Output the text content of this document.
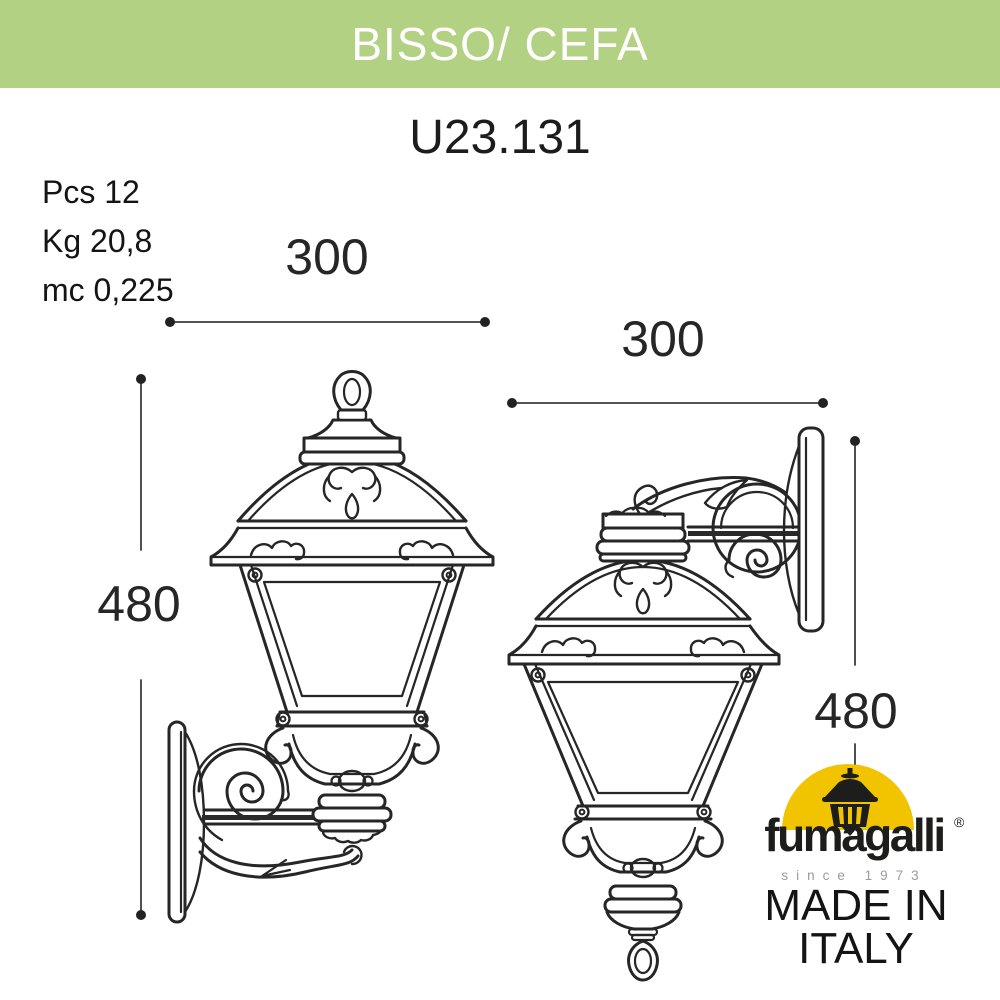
BISSO/ CEFA
U23.131
Pcs 12
Kg 20,8
mc 0,225
300
300
480
480
fumagalli ®
since 1973
MADE IN
ITALY
